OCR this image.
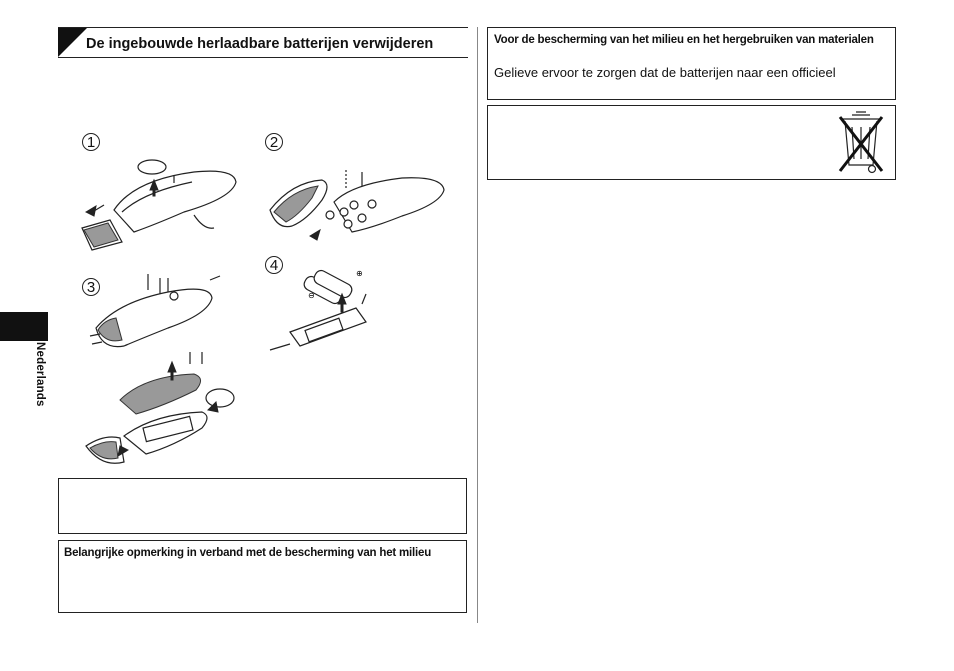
Nederlands
De ingebouwde herlaadbare batterijen verwijderen
1	2
3
4	⊕
⊖
Belangrijke opmerking in verband met de bescherming van het milieu
Voor de bescherming van het milieu en het hergebruiken van materialen
Gelieve ervoor te zorgen dat de batterijen naar een officieel
